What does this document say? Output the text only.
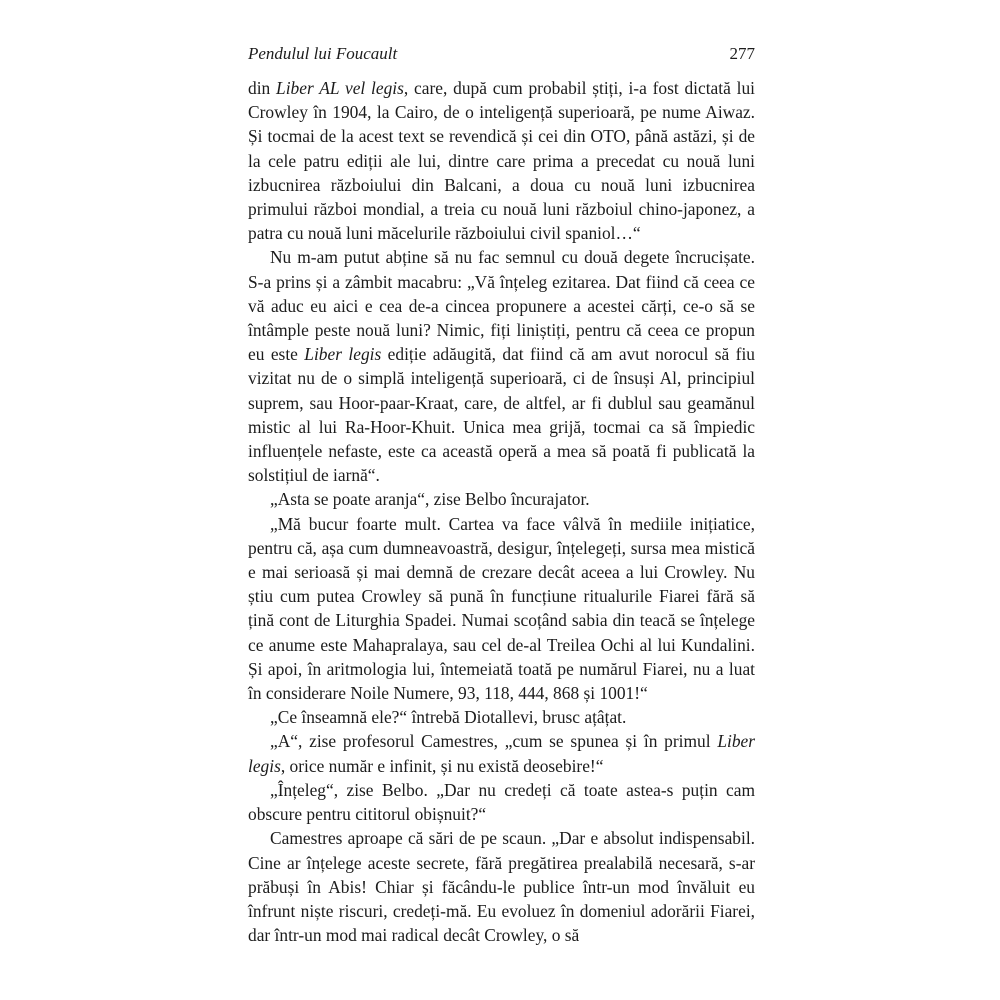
Pendulul lui Foucault	277

din Liber AL vel legis, care, după cum probabil știți, i-a fost dictată lui Crowley în 1904, la Cairo, de o inteligență superioară, pe nume Aiwaz. Și tocmai de la acest text se revendică și cei din OTO, până astăzi, și de la cele patru ediții ale lui, dintre care prima a precedat cu nouă luni izbucnirea războiului din Balcani, a doua cu nouă luni izbucnirea primului război mondial, a treia cu nouă luni războiul chino-japonez, a patra cu nouă luni măcelurile războiului civil spaniol…“

Nu m-am putut abține să nu fac semnul cu două degete încrucișate. S-a prins și a zâmbit macabru: „Vă înțeleg ezitarea. Dat fiind că ceea ce vă aduc eu aici e cea de-a cincea propunere a acestei cărți, ce-o să se întâmple peste nouă luni? Nimic, fiți liniștiți, pentru că ceea ce propun eu este Liber legis ediție adăugită, dat fiind că am avut norocul să fiu vizitat nu de o simplă inteligență superioară, ci de însuși Al, principiul suprem, sau Hoor-paar-Kraat, care, de altfel, ar fi dublul sau geamănul mistic al lui Ra-Hoor-Khuit. Unica mea grijă, tocmai ca să împiedic influențele nefaste, este ca această operă a mea să poată fi publicată la solstițiul de iarnă“.

„Asta se poate aranja“, zise Belbo încurajator.

„Mă bucur foarte mult. Cartea va face vâlvă în mediile inițiatice, pentru că, așa cum dumneavoastră, desigur, înțelegeți, sursa mea mistică e mai serioasă și mai demnă de crezare decât aceea a lui Crowley. Nu știu cum putea Crowley să pună în funcțiune ritualurile Fiarei fără să țină cont de Liturghia Spadei. Numai scoțând sabia din teacă se înțelege ce anume este Mahapralaya, sau cel de-al Treilea Ochi al lui Kundalini. Și apoi, în aritmologia lui, întemeiată toată pe numărul Fiarei, nu a luat în considerare Noile Numere, 93, 118, 444, 868 și 1001!“

„Ce înseamnă ele?“ întrebă Diotallevi, brusc ațâțat.

„A“, zise profesorul Camestres, „cum se spunea și în primul Liber legis, orice număr e infinit, și nu există deosebire!“

„Înțeleg“, zise Belbo. „Dar nu credeți că toate astea-s puțin cam obscure pentru cititorul obișnuit?“

Camestres aproape că sări de pe scaun. „Dar e absolut indispensabil. Cine ar înțelege aceste secrete, fără pregătirea prealabilă necesară, s-ar prăbuși în Abis! Chiar și făcându-le publice într-un mod învăluit eu înfrunt niște riscuri, credeți-mă. Eu evoluez în domeniul adorării Fiarei, dar într-un mod mai radical decât Crowley, o să
